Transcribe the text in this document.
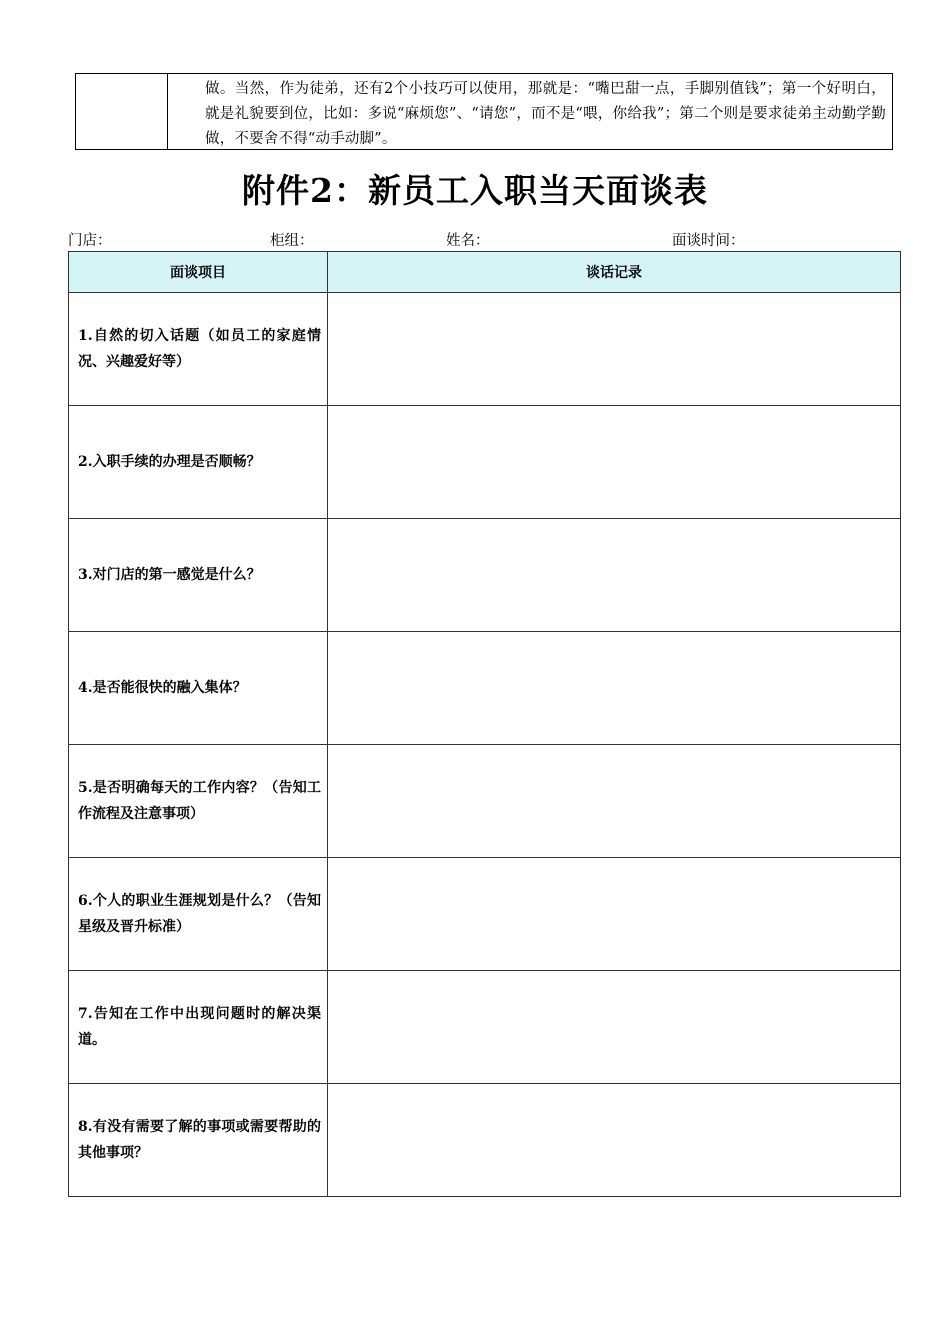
做。当然，作为徒弟，还有2个小技巧可以使用，那就是：“嘴巴甜一点，手脚别值钱”；第一个好明白，就是礼貌要到位，比如：多说“麻烦您”、“请您”，而不是“喂，你给我”；第二个则是要求徒弟主动勤学勤做，不要舍不得“动手动脚”。
附件2：新员工入职当天面谈表
门店：	柜组：	姓名：	面谈时间：
面谈项目	谈话记录
1.自然的切入话题（如员工的家庭情况、兴趣爱好等）	
2.入职手续的办理是否顺畅？	
3.对门店的第一感觉是什么？	
4.是否能很快的融入集体？	
5.是否明确每天的工作内容？（告知工作流程及注意事项）	
6.个人的职业生涯规划是什么？（告知星级及晋升标准）	
7.告知在工作中出现问题时的解决渠道。	
8.有没有需要了解的事项或需要帮助的其他事项？	
